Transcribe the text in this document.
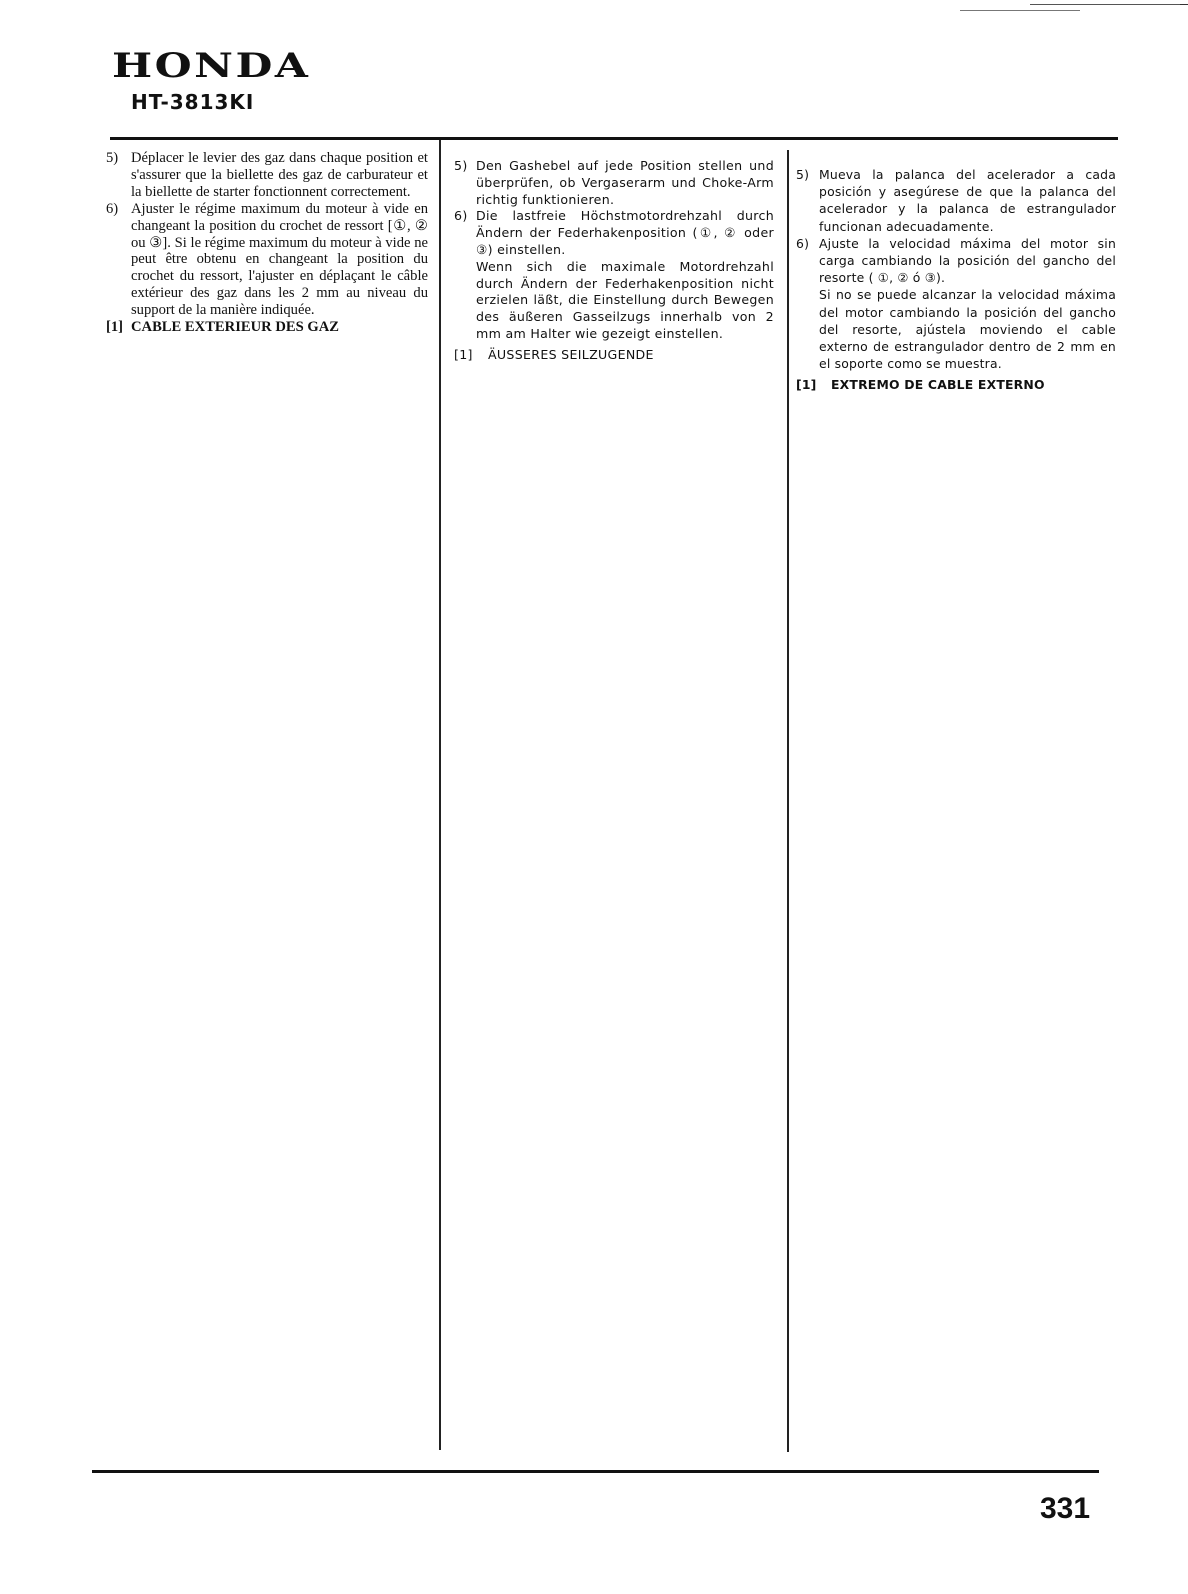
HONDA
HT-3813KI
5) Déplacer le levier des gaz dans chaque position et s'assurer que la biellette des gaz de carburateur et la biellette de starter fonctionnent correctement.
6) Ajuster le régime maximum du moteur à vide en changeant la position du crochet de ressort [①, ② ou ③]. Si le régime maximum du moteur à vide ne peut être obtenu en changeant la position du crochet du ressort, l'ajuster en déplaçant le câble extérieur des gaz dans les 2 mm au niveau du support de la manière indiquée.
[1] CABLE EXTERIEUR DES GAZ
5) Den Gashebel auf jede Position stellen und überprüfen, ob Vergaserarm und Choke-Arm richtig funktionieren.
6) Die lastfreie Höchstmotordrehzahl durch Ändern der Federhakenposition (①, ② oder ③) einstellen.
Wenn sich die maximale Motordrehzahl durch Ändern der Federhakenposition nicht erzielen läßt, die Einstellung durch Bewegen des äußeren Gasseilzugs innerhalb von 2 mm am Halter wie gezeigt einstellen.
[1]	ÄUSSERES SEILZUGENDE
5) Mueva la palanca del acelerador a cada posición y asegúrese de que la palanca del acelerador y la palanca de estrangulador funcionan adecuadamente.
6) Ajuste la velocidad máxima del motor sin carga cambiando la posición del gancho del resorte ( ①, ② ó ③).
Si no se puede alcanzar la velocidad máxima del motor cambiando la posición del gancho del resorte, ajústela moviendo el cable externo de estrangulador dentro de 2 mm en el soporte como se muestra.
[1]	EXTREMO DE CABLE EXTERNO
331
